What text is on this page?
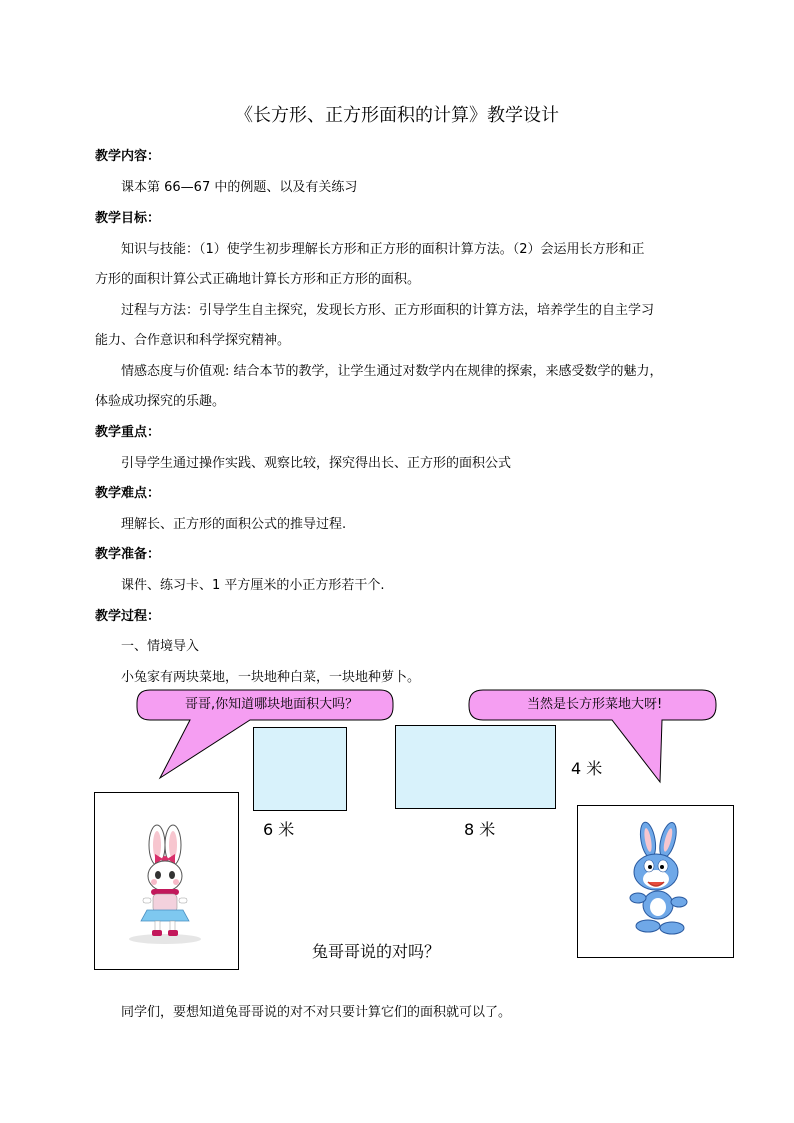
《长方形、正方形面积的计算》教学设计
教学内容：
课本第 66—67 中的例题、以及有关练习
教学目标：
知识与技能：（1）使学生初步理解长方形和正方形的面积计算方法。（2）会运用长方形和正
方形的面积计算公式正确地计算长方形和正方形的面积。
过程与方法：引导学生自主探究，发现长方形、正方形面积的计算方法，培养学生的自主学习
能力、合作意识和科学探究精神。
情感态度与价值观: 结合本节的教学，让学生通过对数学内在规律的探索，来感受数学的魅力，
体验成功探究的乐趣。
教学重点：
引导学生通过操作实践、观察比较，探究得出长、正方形的面积公式
教学难点：
理解长、正方形的面积公式的推导过程.
教学准备：
课件、练习卡、1 平方厘米的小正方形若干个.
教学过程：
一、情境导入
小兔家有两块菜地，一块地种白菜，一块地种萝卜。
哥哥,你知道哪块地面积大吗？	当然是长方形菜地大呀!
4 米
6 米	8 米
兔哥哥说的对吗？
同学们，要想知道兔哥哥说的对不对只要计算它们的面积就可以了。
